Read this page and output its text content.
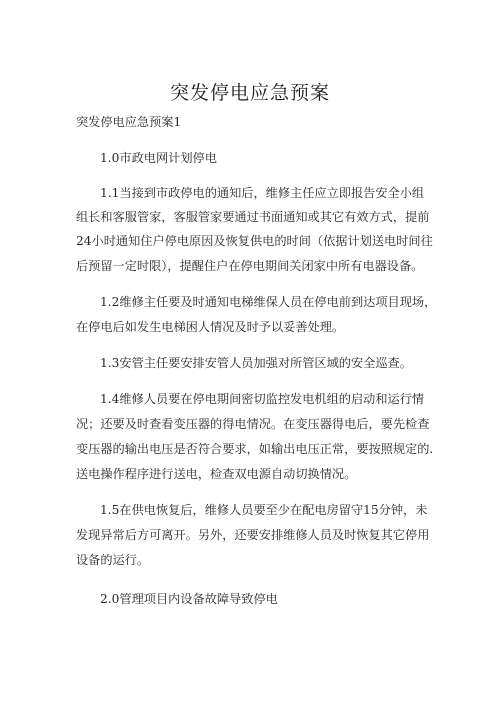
突发停电应急预案
突发停电应急预案1
1.0市政电网计划停电
1.1当接到市政停电的通知后，维修主任应立即报告安全小组
组长和客服管家，客服管家要通过书面通知或其它有效方式，提前
24小时通知住户停电原因及恢复供电的时间（依据计划送电时间往
后预留一定时限），提醒住户在停电期间关闭家中所有电器设备。
1.2维修主任要及时通知电梯维保人员在停电前到达项目现场，
在停电后如发生电梯困人情况及时予以妥善处理。
1.3安管主任要安排安管人员加强对所管区域的安全巡查。
1.4维修人员要在停电期间密切监控发电机组的启动和运行情
况；还要及时查看变压器的得电情况。在变压器得电后，要先检查
变压器的输出电压是否符合要求，如输出电压正常，要按照规定的.
送电操作程序进行送电，检查双电源自动切换情况。
1.5在供电恢复后，维修人员要至少在配电房留守15分钟，未
发现异常后方可离开。另外，还要安排维修人员及时恢复其它停用
设备的运行。
2.0管理项目内设备故障导致停电
